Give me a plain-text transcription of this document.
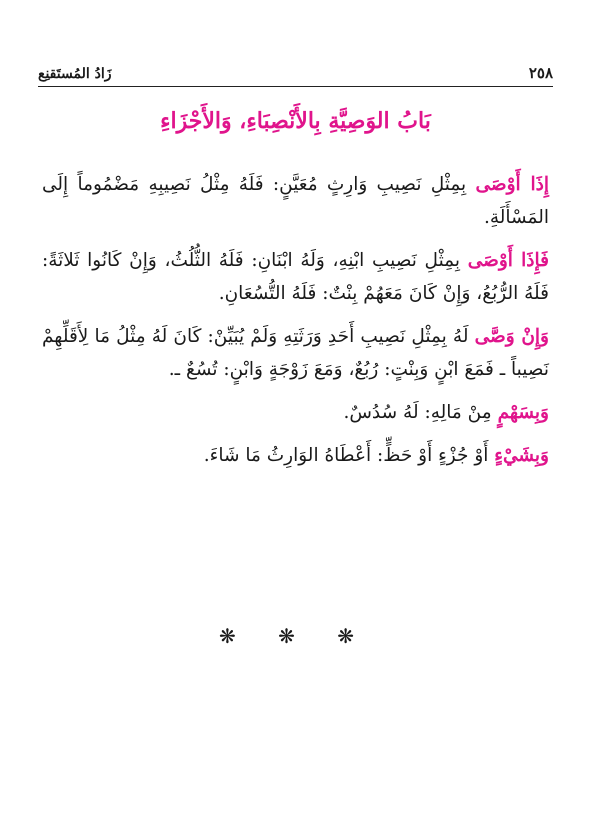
زَادُ المُستَقنِع	٢٥٨
بَابُ الوَصِيَّةِ بِالأَنْصِبَاءِ، وَالأَجْزَاءِ

إِذَا أَوْصَى بِمِثْلِ نَصِيبِ وَارِثٍ مُعَيَّنٍ: فَلَهُ مِثْلُ نَصِيبِهِ مَضْمُوماً إِلَى المَسْأَلَةِ.

فَإِذَا أَوْصَى بِمِثْلِ نَصِيبِ ابْنِهِ، وَلَهُ ابْنَانِ: فَلَهُ الثُّلُثُ، وَإِنْ كَانُوا ثَلاثَةً: فَلَهُ الرُّبُعُ، وَإِنْ كَانَ مَعَهُمْ بِنْتٌ: فَلَهُ التُّسُعَانِ.

وَإِنْ وَصَّى لَهُ بِمِثْلِ نَصِيبِ أَحَدِ وَرَثَتِهِ وَلَمْ يُبَيِّنْ: كَانَ لَهُ مِثْلُ مَا لِأَقَلِّهِمْ نَصِيباً ـ فَمَعَ ابْنٍ وَبِنْتٍ: رُبُعٌ، وَمَعَ زَوْجَةٍ وَابْنٍ: تُسُعٌ ـ.

وَبِسَهْمٍ مِنْ مَالِهِ: لَهُ سُدُسٌ.

وَبِشَيْءٍ أَوْ جُزْءٍ أَوْ حَظٍّ: أَعْطَاهُ الوَارِثُ مَا شَاءَ.

❋ ❋ ❋
